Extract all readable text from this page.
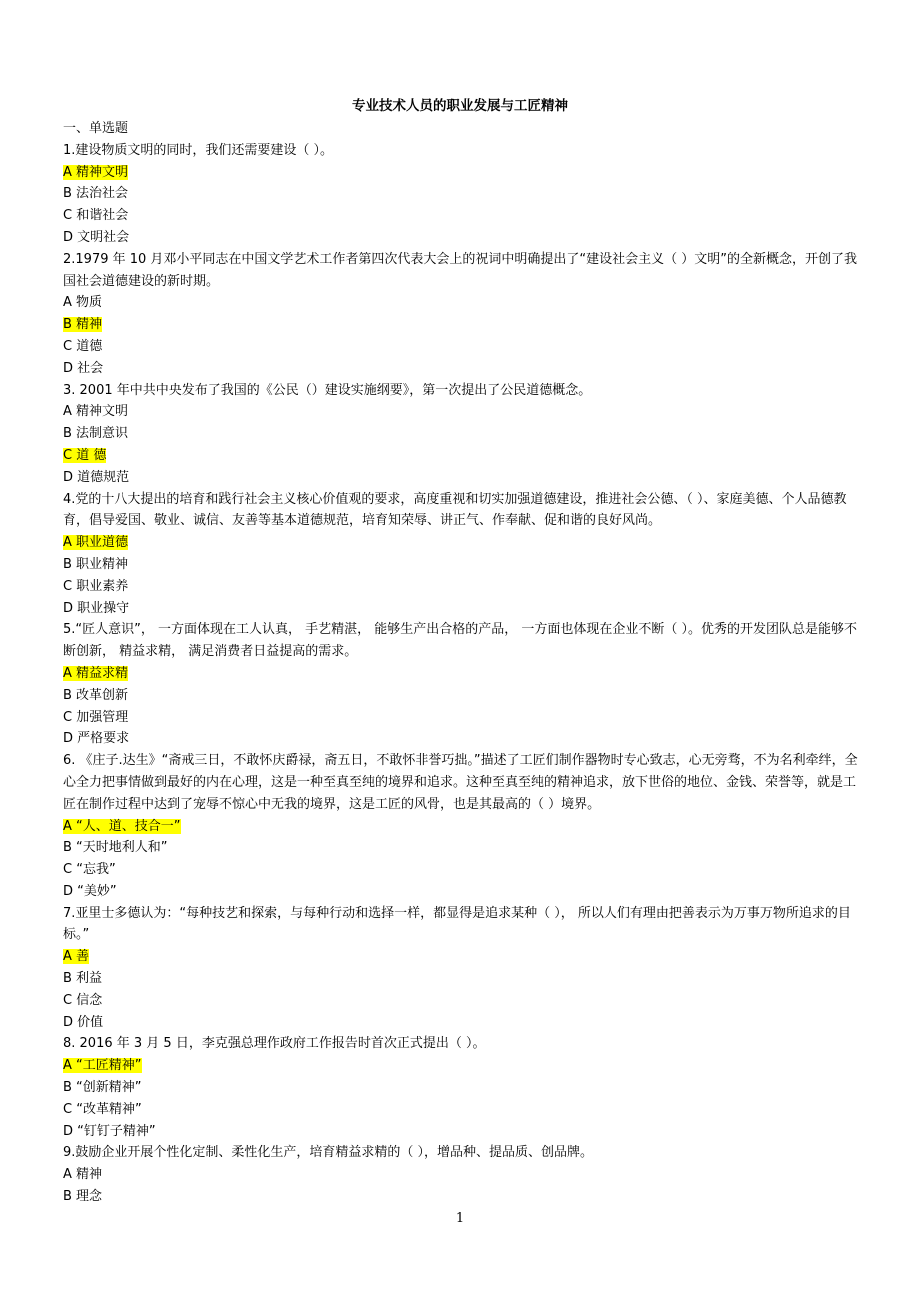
专业技术人员的职业发展与工匠精神
一、单选题
1.建设物质文明的同时，我们还需要建设（ ）。
A 精神文明
B 法治社会
C 和谐社会
D 文明社会
2.1979 年 10 月邓小平同志在中国文学艺术工作者第四次代表大会上的祝词中明确提出了“建设社会主义（ ）文明”的全新概念，开创了我国社会道德建设的新时期。
A 物质
B 精神
C 道德
D 社会
3. 2001 年中共中央发布了我国的《公民（）建设实施纲要》，第一次提出了公民道德概念。
A 精神文明
B 法制意识
C 道 德
D 道德规范
4.党的十八大提出的培育和践行社会主义核心价值观的要求，高度重视和切实加强道德建设，推进社会公德、（ ）、家庭美德、个人品德教育，倡导爱国、敬业、诚信、友善等基本道德规范，培育知荣辱、讲正气、作奉献、促和谐的良好风尚。
A 职业道德
B 职业精神
C 职业素养
D 职业操守
5.“匠人意识”， 一方面体现在工人认真， 手艺精湛， 能够生产出合格的产品， 一方面也体现在企业不断（ ）。优秀的开发团队总是能够不断创新， 精益求精， 满足消费者日益提高的需求。
A 精益求精
B 改革创新
C 加强管理
D 严格要求
6. 《庄子.达生》“斋戒三日，不敢怀庆爵禄，斋五日，不敢怀非誉巧拙。”描述了工匠们制作器物时专心致志，心无旁骛，不为名利牵绊，全心全力把事情做到最好的内在心理，这是一种至真至纯的境界和追求。这种至真至纯的精神追求，放下世俗的地位、金钱、荣誉等，就是工匠在制作过程中达到了宠辱不惊心中无我的境界，这是工匠的风骨，也是其最高的（ ）境界。
A “人、道、技合一”
B “天时地利人和”
C “忘我”
D “美妙”
7.亚里士多德认为：“每种技艺和探索，与每种行动和选择一样，都显得是追求某种（ ）， 所以人们有理由把善表示为万事万物所追求的目标。”
A 善
B 利益
C 信念
D 价值
8. 2016 年 3 月 5 日，李克强总理作政府工作报告时首次正式提出（ ）。
A “工匠精神”
B “创新精神”
C “改革精神”
D “钉钉子精神”
9.鼓励企业开展个性化定制、柔性化生产，培育精益求精的（ ），增品种、提品质、创品牌。
A 精神
B 理念
1
